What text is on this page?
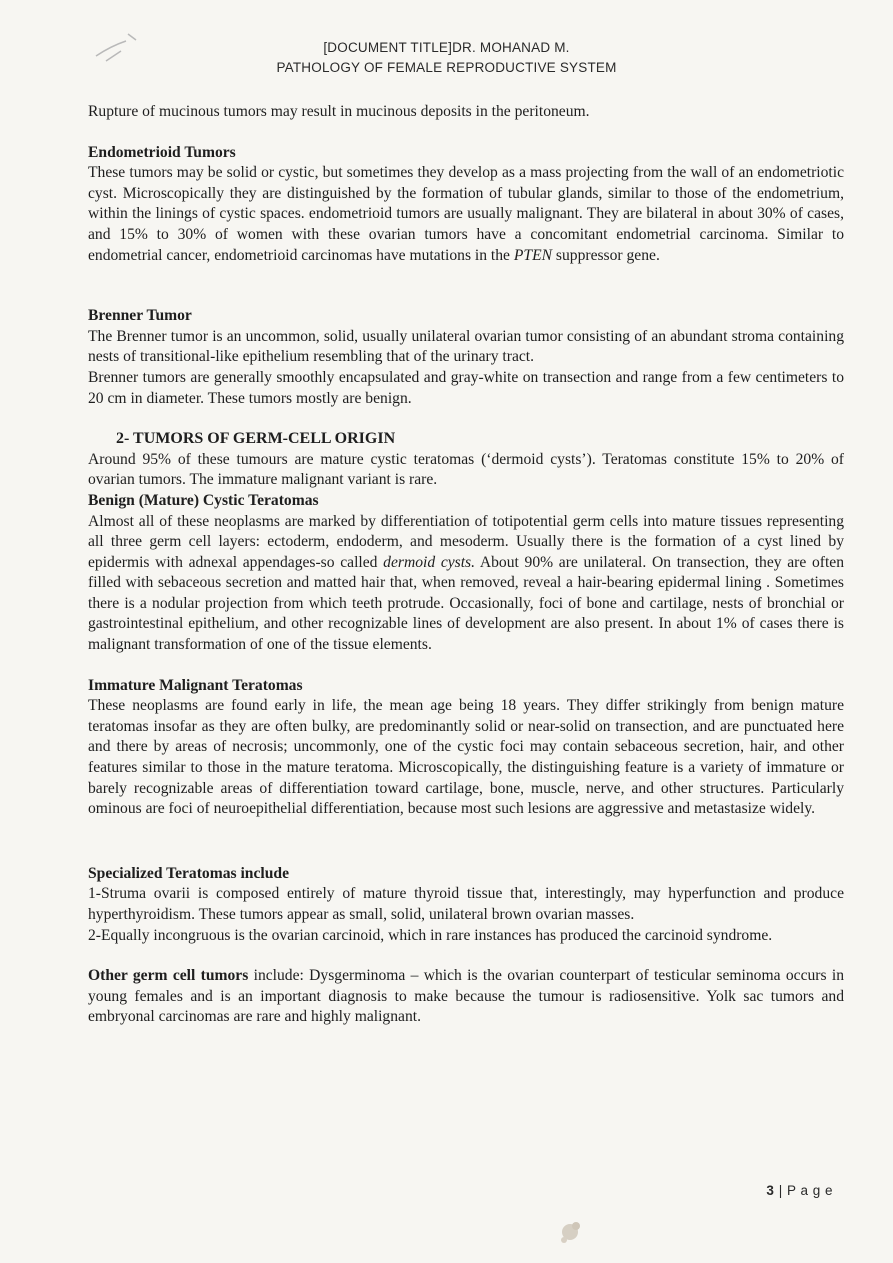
[DOCUMENT TITLE]DR. MOHANAD M.
PATHOLOGY OF FEMALE REPRODUCTIVE SYSTEM

Rupture of mucinous tumors may result in mucinous deposits in the peritoneum.

Endometrioid Tumors

These tumors may be solid or cystic, but sometimes they develop as a mass projecting from the wall of an endometriotic cyst. Microscopically they are distinguished by the formation of tubular glands, similar to those of the endometrium, within the linings of cystic spaces. endometrioid tumors are usually malignant. They are bilateral in about 30% of cases, and 15% to 30% of women with these ovarian tumors have a concomitant endometrial carcinoma. Similar to endometrial cancer, endometrioid carcinomas have mutations in the PTEN suppressor gene.

Brenner Tumor

The Brenner tumor is an uncommon, solid, usually unilateral ovarian tumor consisting of an abundant stroma containing nests of transitional-like epithelium resembling that of the urinary tract.

Brenner tumors are generally smoothly encapsulated and gray-white on transection and range from a few centimeters to 20 cm in diameter. These tumors mostly are benign.

2- TUMORS OF GERM-CELL ORIGIN

Around 95% of these tumours are mature cystic teratomas (‘dermoid cysts’). Teratomas constitute 15% to 20% of ovarian tumors. The immature malignant variant is rare.

Benign (Mature) Cystic Teratomas

Almost all of these neoplasms are marked by differentiation of totipotential germ cells into mature tissues representing all three germ cell layers: ectoderm, endoderm, and mesoderm. Usually there is the formation of a cyst lined by epidermis with adnexal appendages-so called dermoid cysts. About 90% are unilateral. On transection, they are often filled with sebaceous secretion and matted hair that, when removed, reveal a hair-bearing epidermal lining . Sometimes there is a nodular projection from which teeth protrude. Occasionally, foci of bone and cartilage, nests of bronchial or gastrointestinal epithelium, and other recognizable lines of development are also present. In about 1% of cases there is malignant transformation of one of the tissue elements.

Immature Malignant Teratomas

These neoplasms are found early in life, the mean age being 18 years. They differ strikingly from benign mature teratomas insofar as they are often bulky, are predominantly solid or near-solid on transection, and are punctuated here and there by areas of necrosis; uncommonly, one of the cystic foci may contain sebaceous secretion, hair, and other features similar to those in the mature teratoma. Microscopically, the distinguishing feature is a variety of immature or barely recognizable areas of differentiation toward cartilage, bone, muscle, nerve, and other structures. Particularly ominous are foci of neuroepithelial differentiation, because most such lesions are aggressive and metastasize widely.

Specialized Teratomas include

1-Struma ovarii is composed entirely of mature thyroid tissue that, interestingly, may hyperfunction and produce hyperthyroidism. These tumors appear as small, solid, unilateral brown ovarian masses.

2-Equally incongruous is the ovarian carcinoid, which in rare instances has produced the carcinoid syndrome.

Other germ cell tumors include: Dysgerminoma – which is the ovarian counterpart of testicular seminoma occurs in young females and is an important diagnosis to make because the tumour is radiosensitive. Yolk sac tumors and embryonal carcinomas are rare and highly malignant.

3 | P a g e
